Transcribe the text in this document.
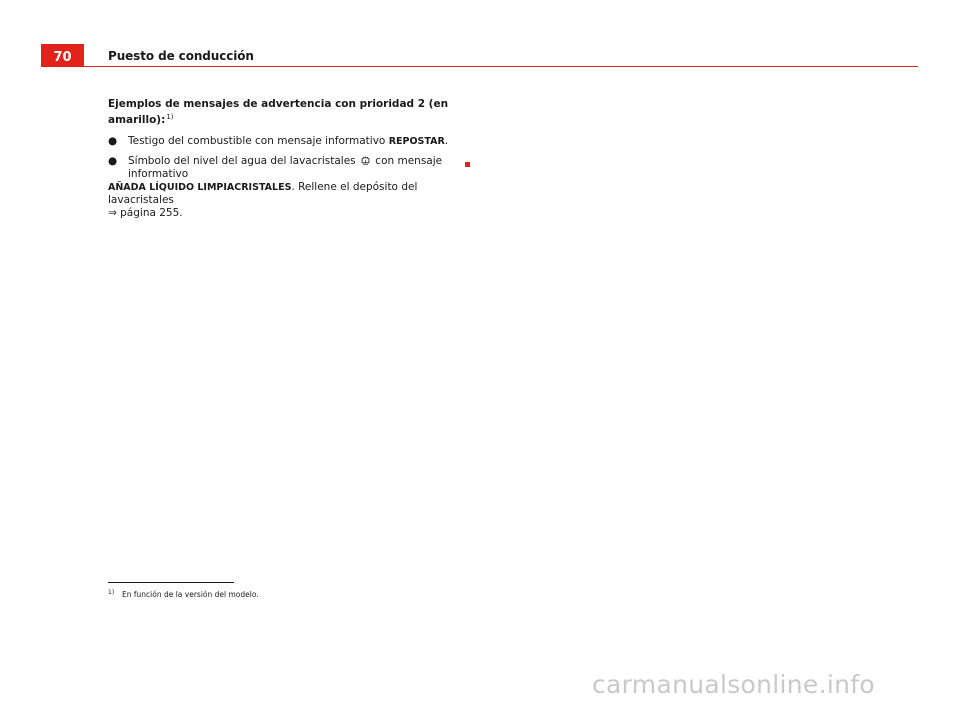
70	Puesto de conducción

Ejemplos de mensajes de advertencia con prioridad 2 (en amarillo):$^{1)}$

● Testigo del combustible con mensaje informativo REPOSTAR.
● Símbolo del nivel del agua del lavacristales  con mensaje informativo
AÑADA LÍQUIDO LIMPIACRISTALES. Rellene el depósito del lavacristales
⇒ página 255.
1) En función de la versión del modelo.
carmanualsonline.info
